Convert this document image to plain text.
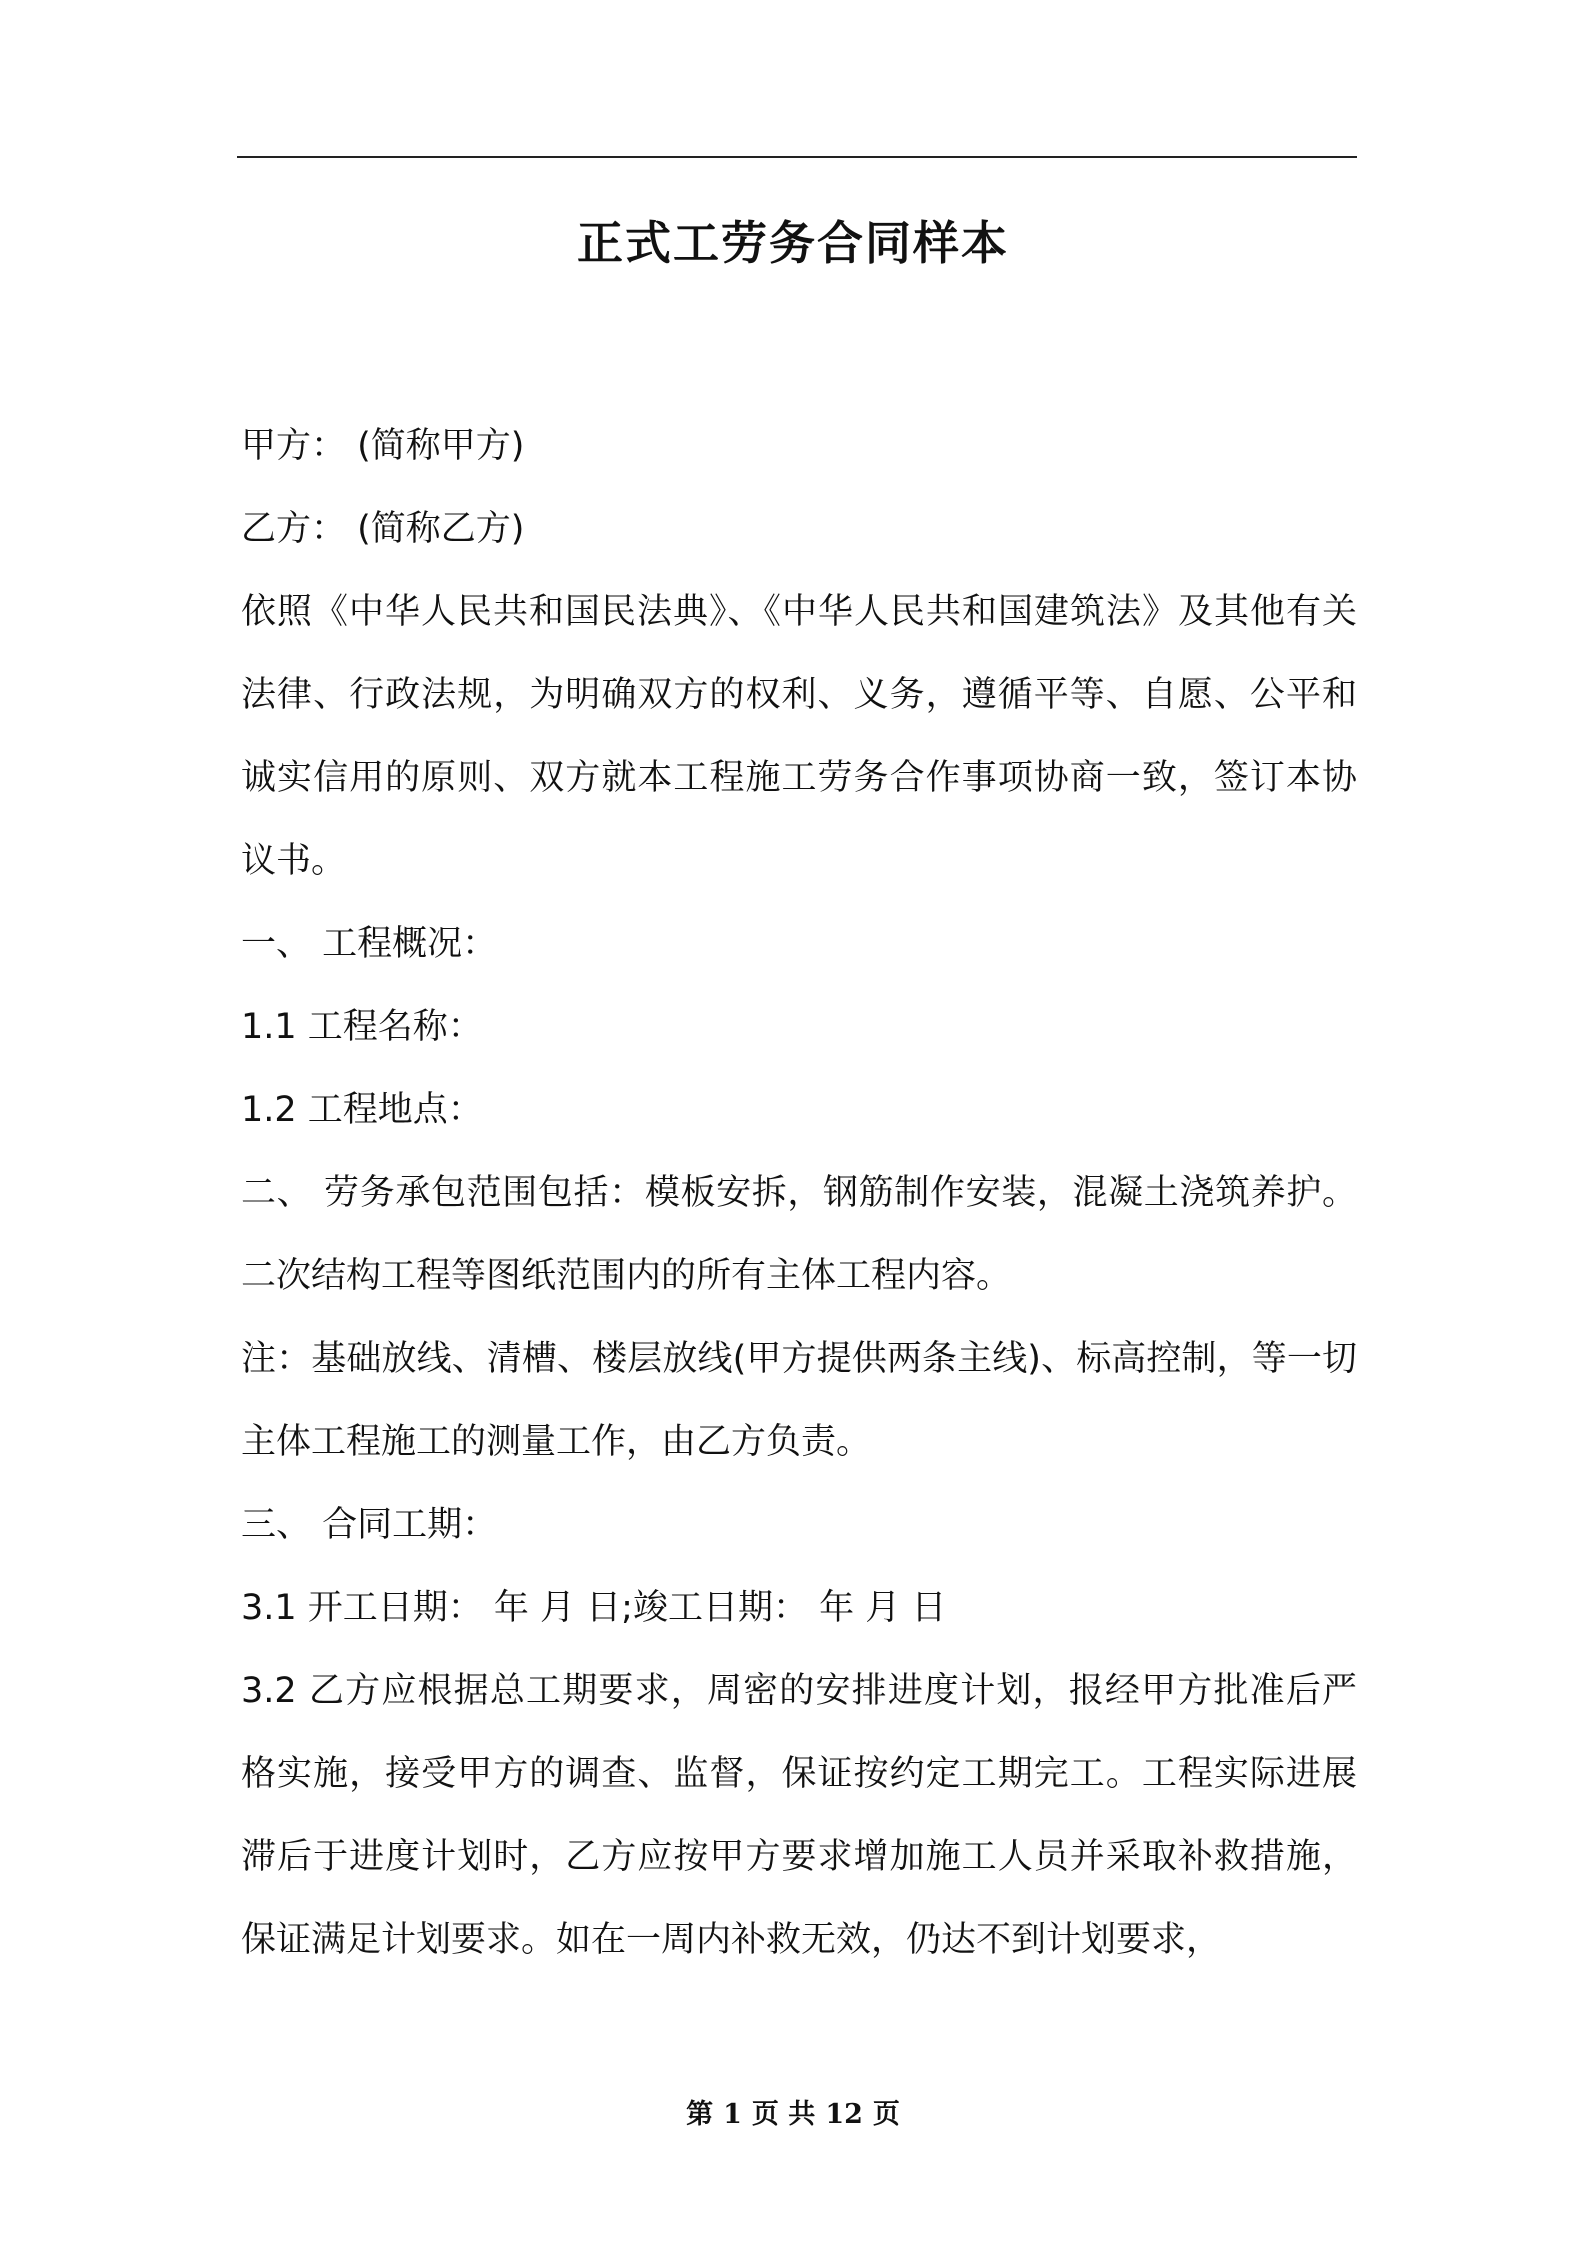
正式工劳务合同样本

甲方： (简称甲方)

乙方： (简称乙方)

依照《中华人民共和国民法典》、《中华人民共和国建筑法》及其他有关法律、行政法规，为明确双方的权利、义务，遵循平等、自愿、公平和诚实信用的原则、双方就本工程施工劳务合作事项协商一致，签订本协议书。

一、 工程概况：

1.1 工程名称：

1.2 工程地点：

二、 劳务承包范围包括：模板安拆，钢筋制作安装，混凝土浇筑养护。二次结构工程等图纸范围内的所有主体工程内容。

注：基础放线、清槽、楼层放线(甲方提供两条主线)、标高控制，等一切主体工程施工的测量工作，由乙方负责。

三、 合同工期：

3.1 开工日期： 年 月 日;竣工日期： 年 月 日

3.2 乙方应根据总工期要求，周密的安排进度计划，报经甲方批准后严格实施，接受甲方的调查、监督，保证按约定工期完工。工程实际进展滞后于进度计划时，乙方应按甲方要求增加施工人员并采取补救措施，保证满足计划要求。如在一周内补救无效，仍达不到计划要求，

第 1 页 共 12 页
